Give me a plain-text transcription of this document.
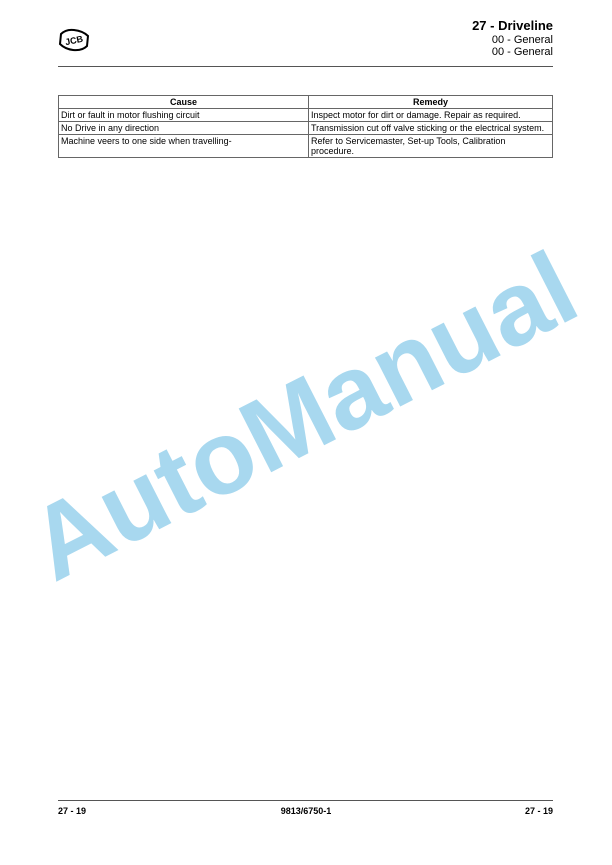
JCB
27 - Driveline
00 - General
00 - General
Cause	Remedy
Dirt or fault in motor flushing circuit	Inspect motor for dirt or damage. Repair as required.
No Drive in any direction	Transmission cut off valve sticking or the electrical system.
Machine veers to one side when travelling-	Refer to Servicemaster, Set-up Tools, Calibration procedure.
AutoManual
27 - 19	9813/6750-1	27 - 19
